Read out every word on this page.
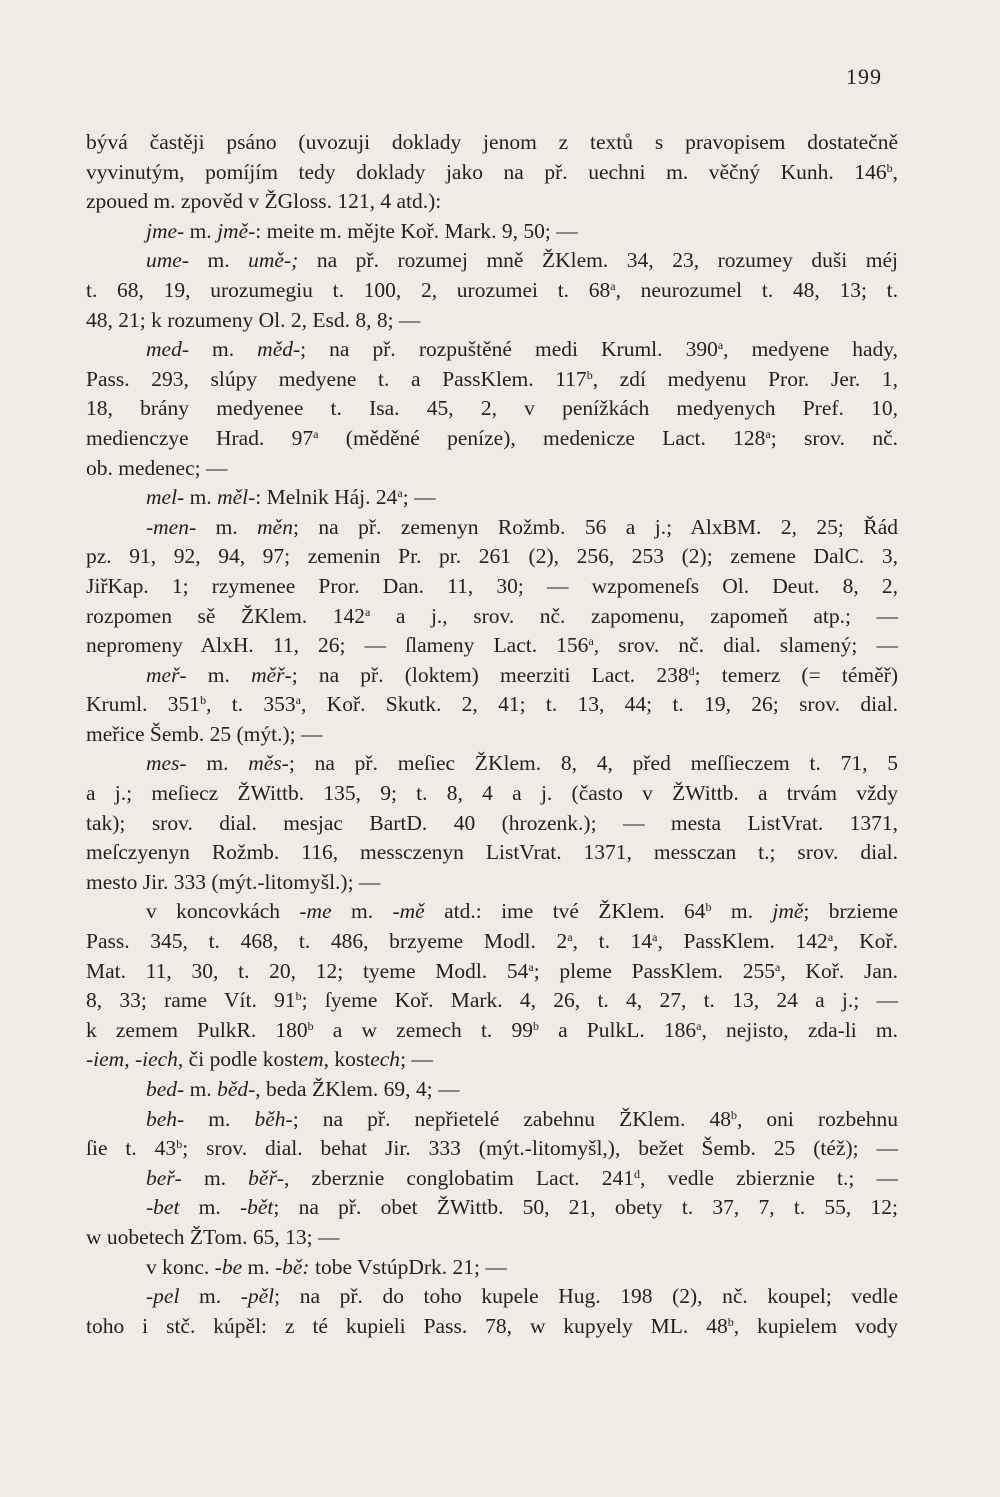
199
bývá častěji psáno (uvozuji doklady jenom z textů s pravopisem dostatečně
vyvinutým, pomíjím tedy doklady jako na př. uechni m. věčný Kunh. 146$^b$,
zpoued m. zpověd v ŽGloss. 121, 4 atd.):
jme- m. jmě-: meite m. mějte Koř. Mark. 9, 50; —
ume- m. umě-; na př. rozumej mně ŽKlem. 34, 23, rozumey duši méj
t. 68, 19, urozumegiu t. 100, 2, urozumei t. 68$^a$, neurozumel t. 48, 13; t.
48, 21; k rozumeny Ol. 2, Esd. 8, 8; —
med- m. měd-; na př. rozpuštěné medi Kruml. 390$^a$, medyene hady,
Pass. 293, slúpy medyene t. a PassKlem. 117$^b$, zdí medyenu Pror. Jer. 1,
18, brány medyenee t. Isa. 45, 2, v penížkách medyenych Pref. 10,
medienczye Hrad. 97$^a$ (měděné peníze), medenicze Lact. 128$^a$; srov. nč.
ob. medenec; —
mel- m. měl-: Melnik Háj. 24$^a$; —
-men- m. měn; na př. zemenyn Rožmb. 56 a j.; AlxBM. 2, 25; Řád
pz. 91, 92, 94, 97; zemenin Pr. pr. 261 (2), 256, 253 (2); zemene DalC. 3,
JiřKap. 1; rzymenee Pror. Dan. 11, 30; — wzpomeneſs Ol. Deut. 8, 2,
rozpomen sě ŽKlem. 142$^a$ a j., srov. nč. zapomenu, zapomeň atp.; —
nepromeny AlxH. 11, 26; — ſlameny Lact. 156$^a$, srov. nč. dial. slamený; —
meř- m. měř-; na př. (loktem) meerziti Lact. 238$^d$; temerz (= téměř)
Kruml. 351$^b$, t. 353$^a$, Koř. Skutk. 2, 41; t. 13, 44; t. 19, 26; srov. dial.
meřice Šemb. 25 (mýt.); —
mes- m. měs-; na př. meſiec ŽKlem. 8, 4, před meſſieczem t. 71, 5
a j.; meſiecz ŽWittb. 135, 9; t. 8, 4 a j. (často v ŽWittb. a trvám vždy
tak); srov. dial. mesjac BartD. 40 (hrozenk.); — mesta ListVrat. 1371,
meſczyenyn Rožmb. 116, messczenyn ListVrat. 1371, messczan t.; srov. dial.
mesto Jir. 333 (mýt.-litomyšl.); —
v koncovkách -me m. -mě atd.: ime tvé ŽKlem. 64$^b$ m. jmě; brzieme
Pass. 345, t. 468, t. 486, brzyeme Modl. 2$^a$, t. 14$^a$, PassKlem. 142$^a$, Koř.
Mat. 11, 30, t. 20, 12; tyeme Modl. 54$^a$; pleme PassKlem. 255$^a$, Koř. Jan.
8, 33; rame Vít. 91$^b$; ſyeme Koř. Mark. 4, 26, t. 4, 27, t. 13, 24 a j.; —
k zemem PulkR. 180$^b$ a w zemech t. 99$^b$ a PulkL. 186$^a$, nejisto, zda-li m.
-iem, -iech, či podle kostem, kostech; —
bed- m. běd-, beda ŽKlem. 69, 4; —
beh- m. běh-; na př. nepřietelé zabehnu ŽKlem. 48$^b$, oni rozbehnu
ſie t. 43$^b$; srov. dial. behat Jir. 333 (mýt.-litomyšl,), bežet Šemb. 25 (též); —
beř- m. běř-, zberznie conglobatim Lact. 241$^d$, vedle zbierznie t.; —
-bet m. -bět; na př. obet ŽWittb. 50, 21, obety t. 37, 7, t. 55, 12;
w uobetech ŽTom. 65, 13; —
v konc. -be m. -bě: tobe VstúpDrk. 21; —
-pel m. -pěl; na př. do toho kupele Hug. 198 (2), nč. koupel; vedle
toho i stč. kúpěl: z té kupieli Pass. 78, w kupyely ML. 48$^b$, kupielem vody
